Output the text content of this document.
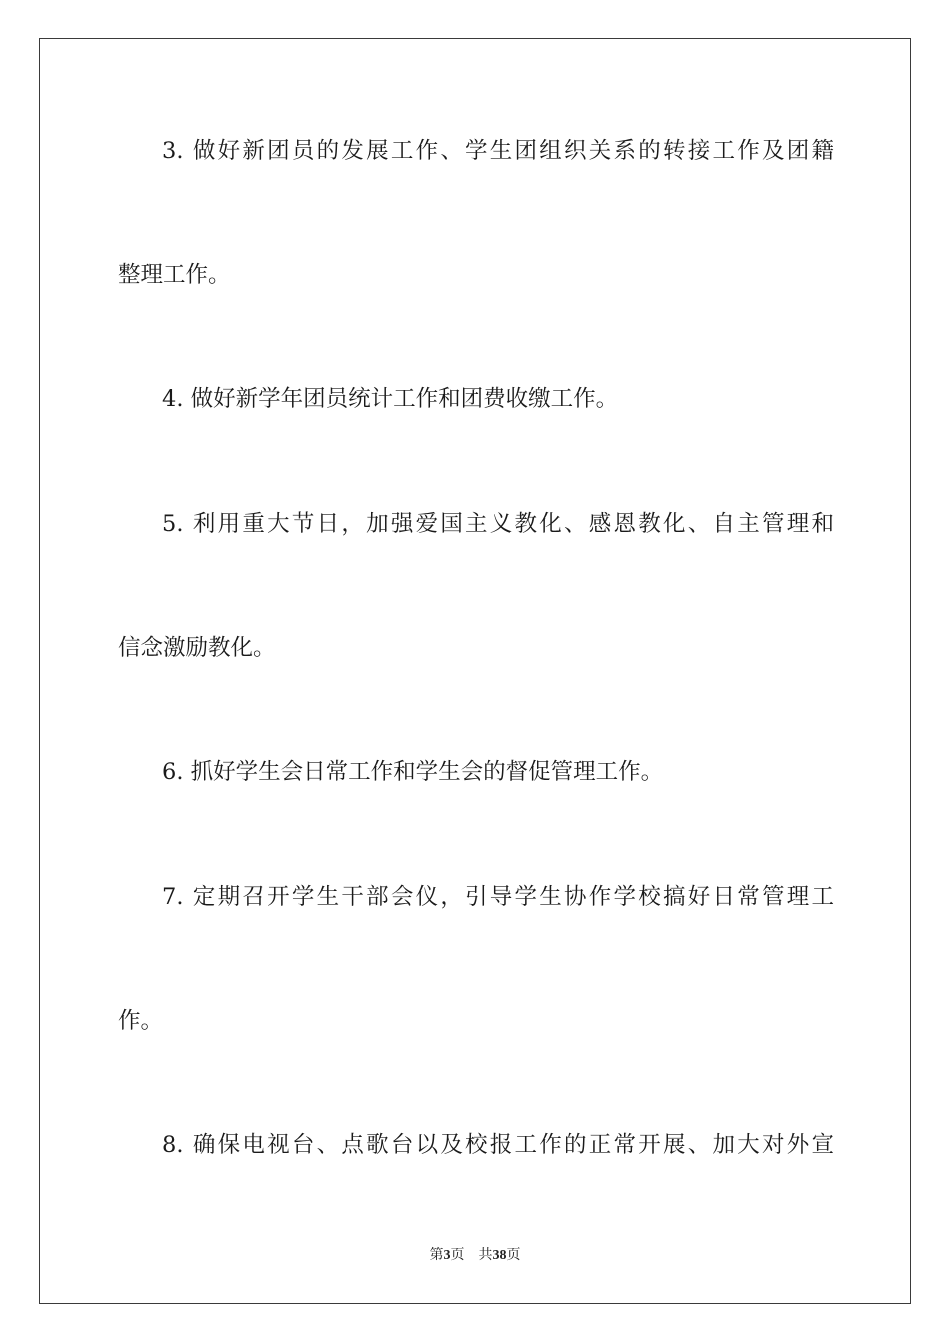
3. 做好新团员的发展工作、学生团组织关系的转接工作及团籍
整理工作。
4. 做好新学年团员统计工作和团费收缴工作。
5. 利用重大节日，加强爱国主义教化、感恩教化、自主管理和
信念激励教化。
6. 抓好学生会日常工作和学生会的督促管理工作。
7. 定期召开学生干部会仪，引导学生协作学校搞好日常管理工
作。
8. 确保电视台、点歌台以及校报工作的正常开展、加大对外宣
第3页 共38页
